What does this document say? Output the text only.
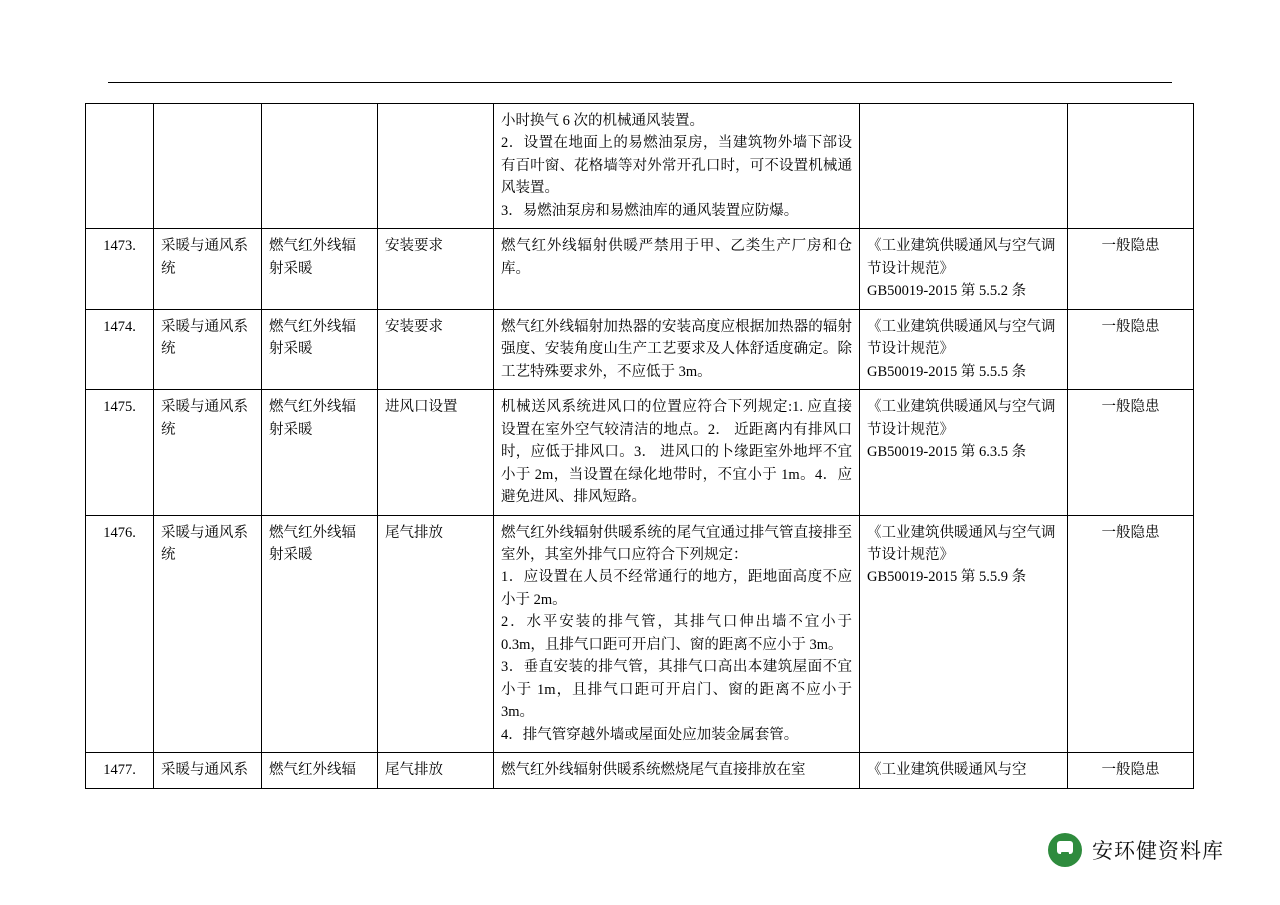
				小时换气 6 次的机械通风装置。
2．设置在地面上的易燃油泵房，当建筑物外墙下部设有百叶窗、花格墙等对外常开孔口时，可不设置机械通风装置。
3．易燃油泵房和易燃油库的通风装置应防爆。		

1473.	采暖与通风系统	燃气红外线辐射采暖	安装要求	燃气红外线辐射供暖严禁用于甲、乙类生产厂房和仓库。	《工业建筑供暖通风与空气调节设计规范》
GB50019-2015 第 5.5.2 条	一般隐患
1474.	采暖与通风系统	燃气红外线辐射采暖	安装要求	燃气红外线辐射加热器的安装高度应根据加热器的辐射强度、安装角度山生产工艺要求及人体舒适度确定。除工艺特殊要求外，不应低于 3m。	《工业建筑供暖通风与空气调节设计规范》
GB50019-2015 第 5.5.5 条	一般隐患
1475.	采暖与通风系统	燃气红外线辐射采暖	进风口设置	机械送风系统进风口的位置应符合下列规定:1. 应直接设置在室外空气较清洁的地点。2． 近距离内有排风口时，应低于排风口。3． 进风口的卜缘距室外地坪不宜小于 2m，当设置在绿化地带时，不宜小于 1m。4．应避免进风、排风短路。	《工业建筑供暖通风与空气调节设计规范》
GB50019-2015 第 6.3.5 条	一般隐患
1476.	采暖与通风系统	燃气红外线辐射采暖	尾气排放	燃气红外线辐射供暖系统的尾气宜通过排气管直接排至室外，其室外排气口应符合下列规定：
1．应设置在人员不经常通行的地方，距地面高度不应小于 2m。
2．水平安装的排气管，其排气口伸出墙不宜小于 0.3m，且排气口距可开启门、窗的距离不应小于 3m。
3．垂直安装的排气管，其排气口高出本建筑屋面不宜小于 1m，且排气口距可开启门、窗的距离不应小于 3m。
4．排气管穿越外墙或屋面处应加装金属套管。	《工业建筑供暖通风与空气调节设计规范》
GB50019-2015 第 5.5.9 条	一般隐患
1477.	采暖与通风系	燃气红外线辐	尾气排放	燃气红外线辐射供暖系统燃烧尾气直接排放在室	《工业建筑供暖通风与空	一般隐患
安环健资料库
